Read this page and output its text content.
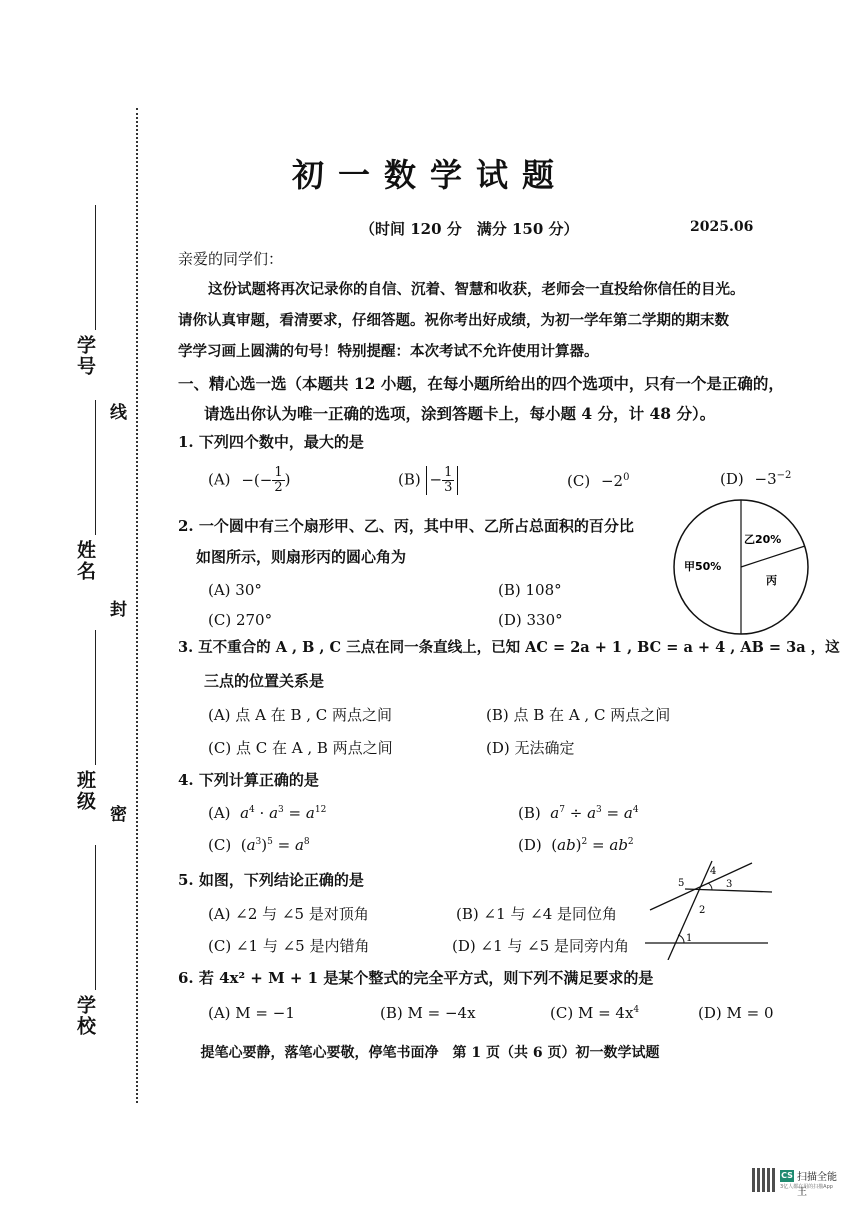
学号
姓名
班级
学校
线
封
密
初一数学试题
（时间 120 分　满分 150 分）	2025.06
亲爱的同学们：
这份试题将再次记录你的自信、沉着、智慧和收获，老师会一直投给你信任的目光。
请你认真审题，看清要求，仔细答题。祝你考出好成绩，为初一学年第二学期的期末数
学学习画上圆满的句号！特别提醒：本次考试不允许使用计算器。
一、精心选一选（本题共 12 小题，在每小题所给出的四个选项中，只有一个是正确的，
请选出你认为唯一正确的选项，涂到答题卡上，每小题 4 分，计 48 分）。
1. 下列四个数中，最大的是
(A) −(− $\frac{1}{2}$ )	$(B) - \frac{1}{3}$	$(C) -2^0$	$(D) -3^{-2}$
2. 一个圆中有三个扇形甲、乙、丙，其中甲、乙所占总面积的百分比
如图所示，则扇形丙的圆心角为
(A) 30°	(B) 108°
(C) 270°	(D) 330°
甲50%
乙20%
丙
3. 互不重合的 A , B , C 三点在同一条直线上，已知 AC = 2a + 1 , BC = a + 4 , AB = 3a ，这
三点的位置关系是
(A) 点 A 在 B , C 两点之间	(B) 点 B 在 A , C 两点之间
(C) 点 C 在 A , B 两点之间	(D) 无法确定
4. 下列计算正确的是
(A) $a^4 \cdot a^3 = a^{12}$	(B) $a^7 \div a^3 = a^4$
(C)  $(a^3)^5 = a^8$	(D)  $(ab)^2 = ab^2$
5. 如图，下列结论正确的是
(A) ∠2 与 ∠5 是对顶角	(B) ∠1 与 ∠4 是同位角
(C) ∠1 与 ∠5 是内错角	(D) ∠1 与 ∠5 是同旁内角	1
2
3
4
5
6. 若 4x² + M + 1 是某个整式的完全平方式，则下列不满足要求的是
(A) M = −1	(B) M = −4x	(C) $M = 4x^4$	(D) M = 0
提笔心要静，落笔心要敬，停笔书面净　第 1 页（共 6 页）初一数学试题
CS 扫描全能王
3亿人都在用的扫描App
